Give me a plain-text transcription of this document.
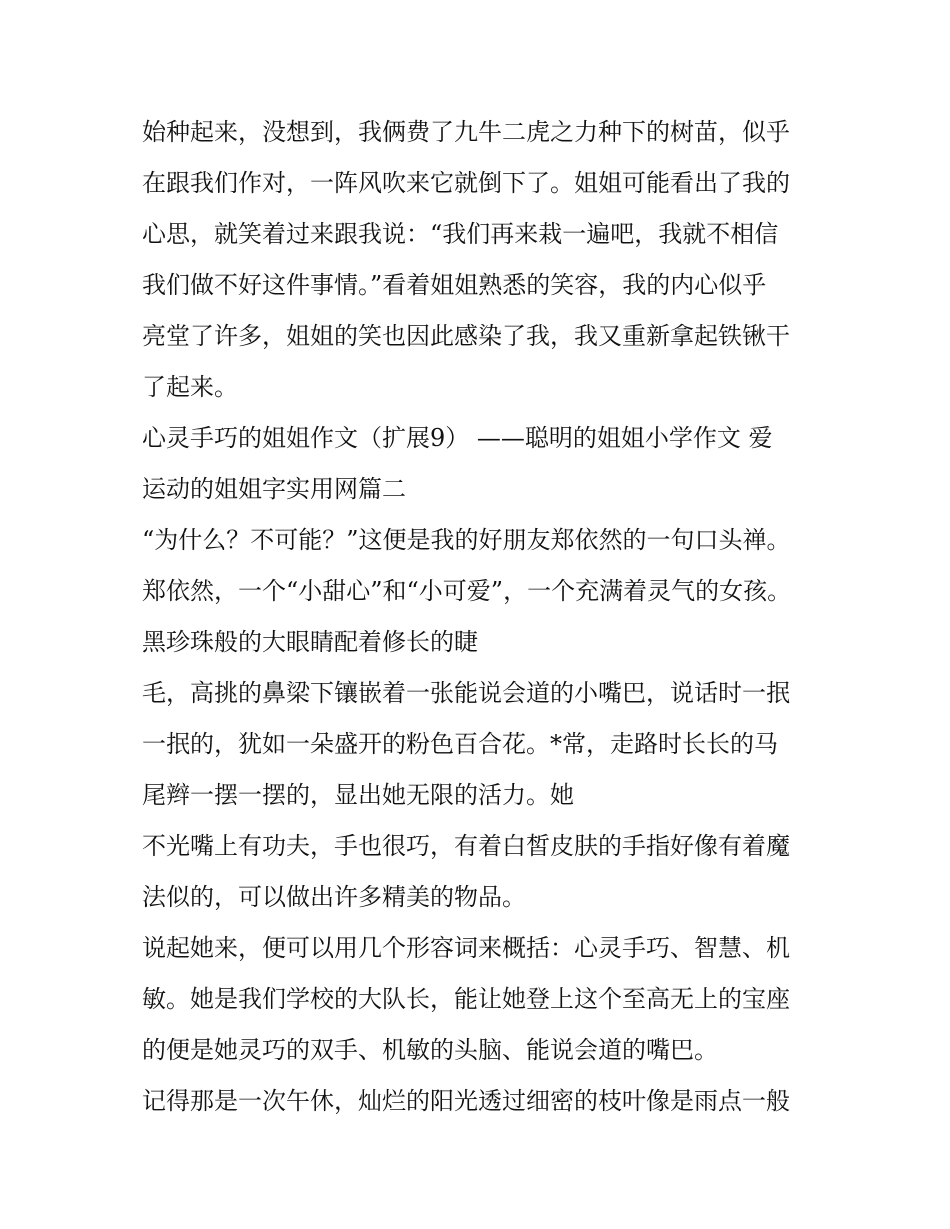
始种起来，没想到，我俩费了九牛二虎之力种下的树苗，似乎
在跟我们作对，一阵风吹来它就倒下了。姐姐可能看出了我的
心思，就笑着过来跟我说：“我们再来栽一遍吧，我就不相信
我们做不好这件事情。”看着姐姐熟悉的笑容，我的内心似乎
亮堂了许多，姐姐的笑也因此感染了我，我又重新拿起铁锹干
了起来。
心灵手巧的姐姐作文（扩展9） ——聪明的姐姐小学作文 爱
运动的姐姐字实用网篇二
“为什么？不可能？”这便是我的好朋友郑依然的一句口头禅。
郑依然，一个“小甜心”和“小可爱”，一个充满着灵气的女孩。
黑珍珠般的大眼睛配着修长的睫
毛，高挑的鼻梁下镶嵌着一张能说会道的小嘴巴，说话时一抿
一抿的，犹如一朵盛开的粉色百合花。*常，走路时长长的马
尾辫一摆一摆的，显出她无限的活力。她
不光嘴上有功夫，手也很巧，有着白皙皮肤的手指好像有着魔
法似的，可以做出许多精美的物品。
说起她来，便可以用几个形容词来概括：心灵手巧、智慧、机
敏。她是我们学校的大队长，能让她登上这个至高无上的宝座
的便是她灵巧的双手、机敏的头脑、能说会道的嘴巴。
记得那是一次午休，灿烂的阳光透过细密的枝叶像是雨点一般
